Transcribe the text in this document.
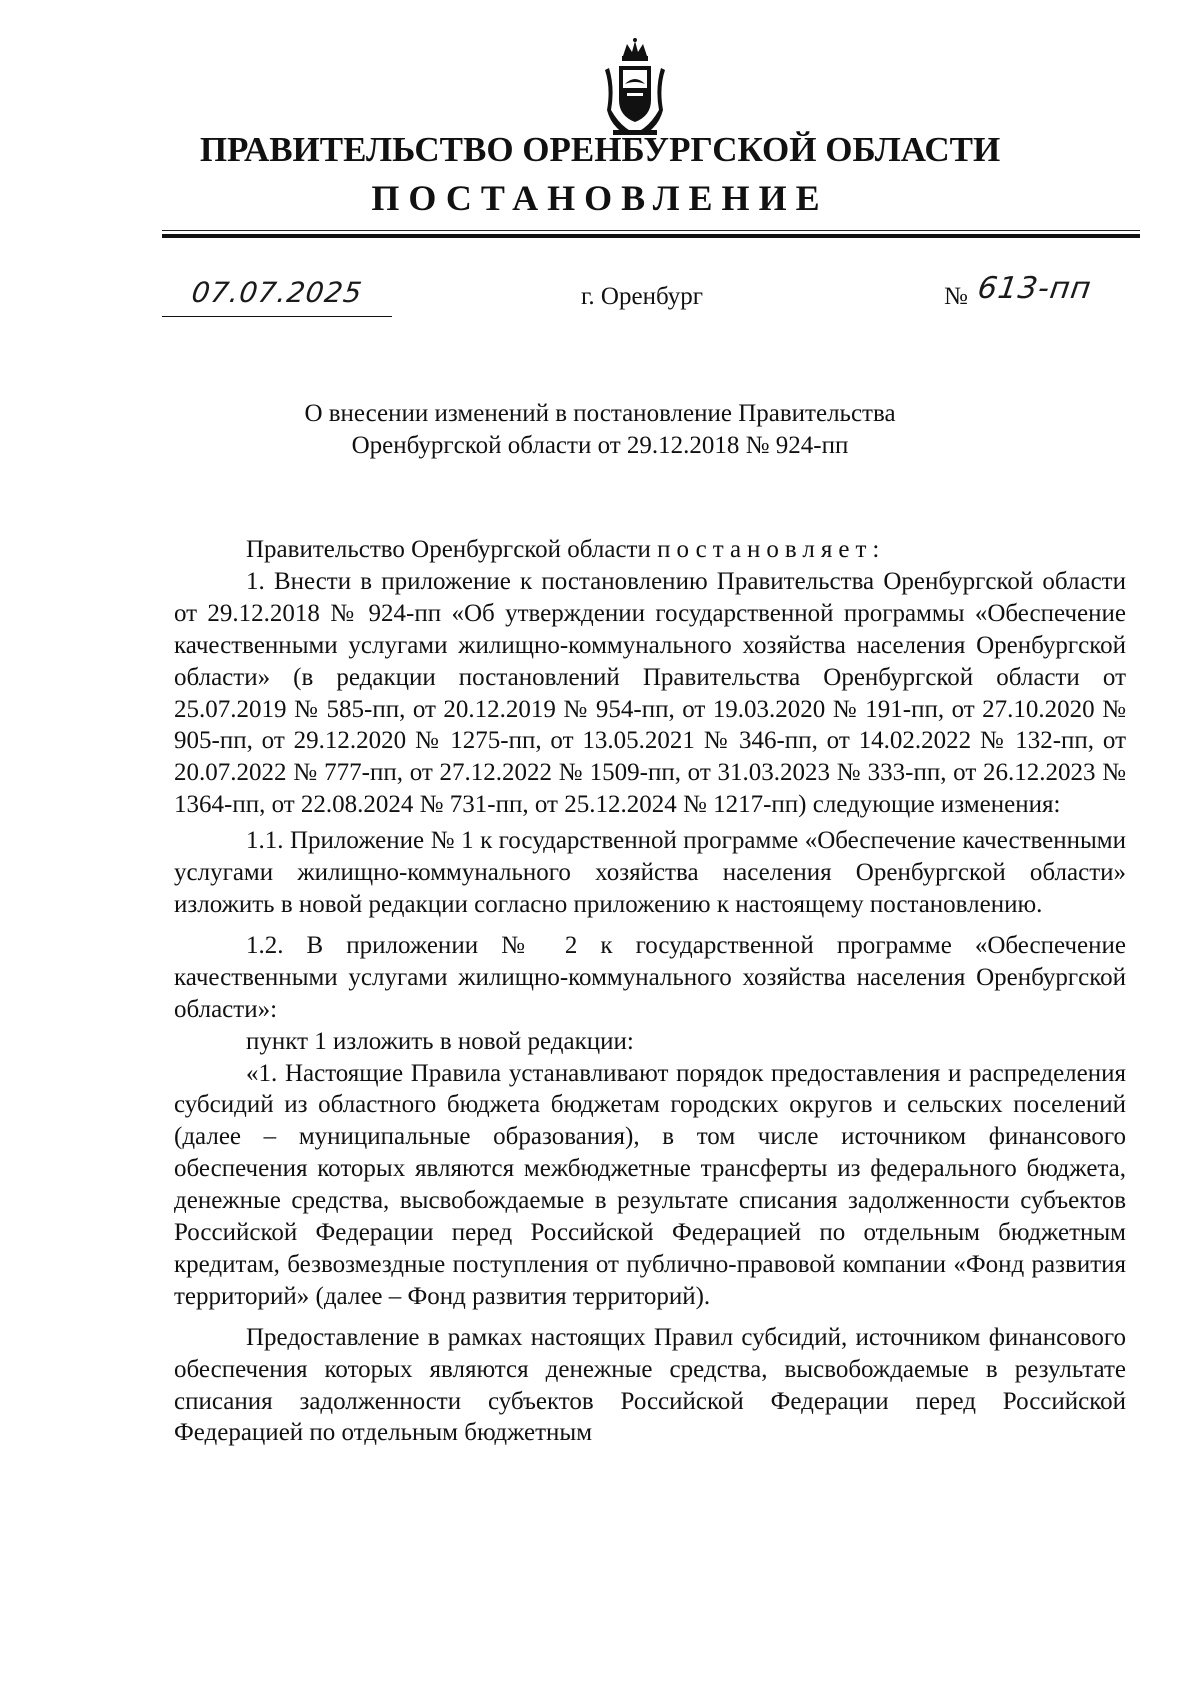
ПРАВИТЕЛЬСТВО ОРЕНБУРГСКОЙ ОБЛАСТИ
ПОСТАНОВЛЕНИЕ
07.07.2025	г. Оренбург	№ 613-пп
О внесении изменений в постановление Правительства
Оренбургской области от 29.12.2018 № 924-пп

Правительство Оренбургской области постановляет:

1. Внести в приложение к постановлению Правительства Оренбургской области от 29.12.2018 № 924-пп «Об утверждении государственной программы «Обеспечение качественными услугами жилищно-коммунального хозяйства населения Оренбургской области» (в редакции постановлений Правительства Оренбургской области от 25.07.2019 № 585-пп, от 20.12.2019 № 954-пп, от 19.03.2020 № 191-пп, от 27.10.2020 № 905-пп, от 29.12.2020 № 1275-пп, от 13.05.2021 № 346-пп, от 14.02.2022 № 132-пп, от 20.07.2022 № 777-пп, от 27.12.2022 № 1509-пп, от 31.03.2023 № 333-пп, от 26.12.2023 № 1364-пп, от 22.08.2024 № 731-пп, от 25.12.2024 № 1217-пп) следующие изменения:

1.1. Приложение № 1 к государственной программе «Обеспечение качественными услугами жилищно-коммунального хозяйства населения Оренбургской области» изложить в новой редакции согласно приложению к настоящему постановлению.

1.2. В приложении № 2 к государственной программе «Обеспечение качественными услугами жилищно-коммунального хозяйства населения Оренбургской области»:

пункт 1 изложить в новой редакции:

«1. Настоящие Правила устанавливают порядок предоставления и распределения субсидий из областного бюджета бюджетам городских округов и сельских поселений (далее – муниципальные образования), в том числе источником финансового обеспечения которых являются межбюджетные трансферты из федерального бюджета, денежные средства, высвобождаемые в результате списания задолженности субъектов Российской Федерации перед Российской Федерацией по отдельным бюджетным кредитам, безвозмездные поступления от публично-правовой компании «Фонд развития территорий» (далее – Фонд развития территорий).

Предоставление в рамках настоящих Правил субсидий, источником финансового обеспечения которых являются денежные средства, высвобождаемые в результате списания задолженности субъектов Российской Федерации перед Российской Федерацией по отдельным бюджетным
